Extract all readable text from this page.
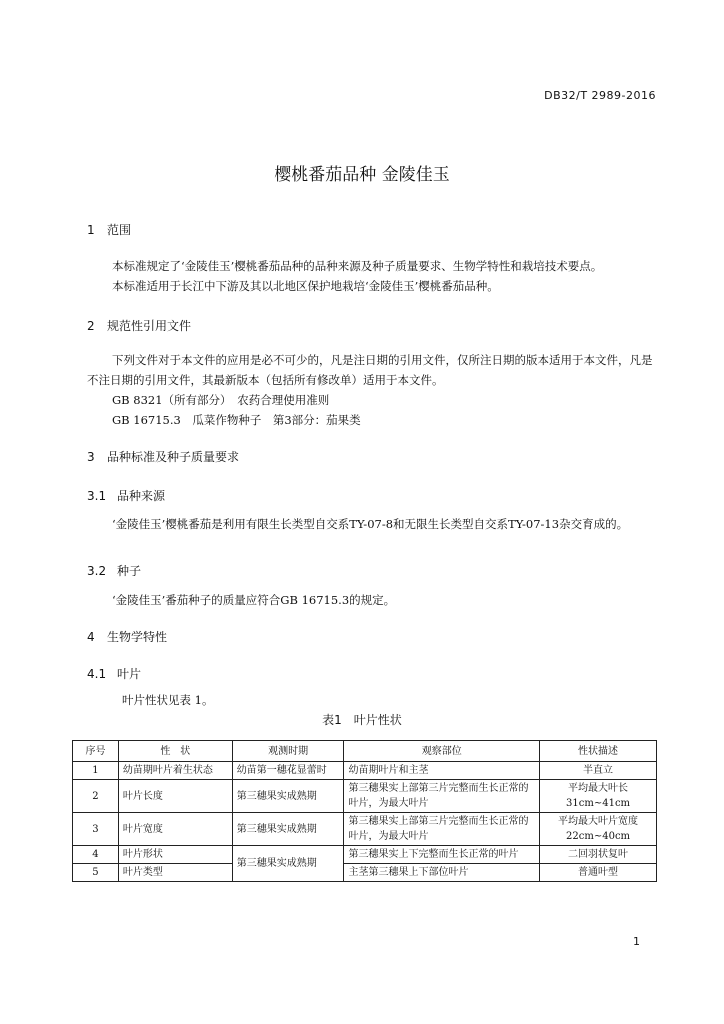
DB32/T 2989-2016
樱桃番茄品种 金陵佳玉
1 范围
本标准规定了‘金陵佳玉’樱桃番茄品种的品种来源及种子质量要求、生物学特性和栽培技术要点。
本标准适用于长江中下游及其以北地区保护地栽培‘金陵佳玉’樱桃番茄品种。
2 规范性引用文件
下列文件对于本文件的应用是必不可少的，凡是注日期的引用文件，仅所注日期的版本适用于本文件，凡是不注日期的引用文件，其最新版本（包括所有修改单）适用于本文件。
GB 8321（所有部分）　农药合理使用准则
GB 16715.3　瓜菜作物种子　第3部分：茄果类
3 品种标准及种子质量要求
3.1 品种来源
‘金陵佳玉’樱桃番茄是利用有限生长类型自交系TY-07-8和无限生长类型自交系TY-07-13杂交育成的。
3.2 种子
‘金陵佳玉’番茄种子的质量应符合GB 16715.3的规定。
4 生物学特性
4.1 叶片
叶片性状见表 1。
表1　叶片性状
序号	性　状	观测时期	观察部位	性状描述
1	幼苗期叶片着生状态	幼苗第一穗花显蕾时	幼苗期叶片和主茎	半直立
2	叶片长度	第三穗果实成熟期	第三穗果实上部第三片完整而生长正常的叶片，为最大叶片	平均最大叶长 31cm~41cm
3	叶片宽度	第三穗果实成熟期	第三穗果实上部第三片完整而生长正常的叶片，为最大叶片	平均最大叶片宽度 22cm~40cm
4	叶片形状	第三穗果实成熟期	第三穗果实上下完整而生长正常的叶片	二回羽状复叶
5	叶片类型		主茎第三穗果上下部位叶片	普通叶型
1
